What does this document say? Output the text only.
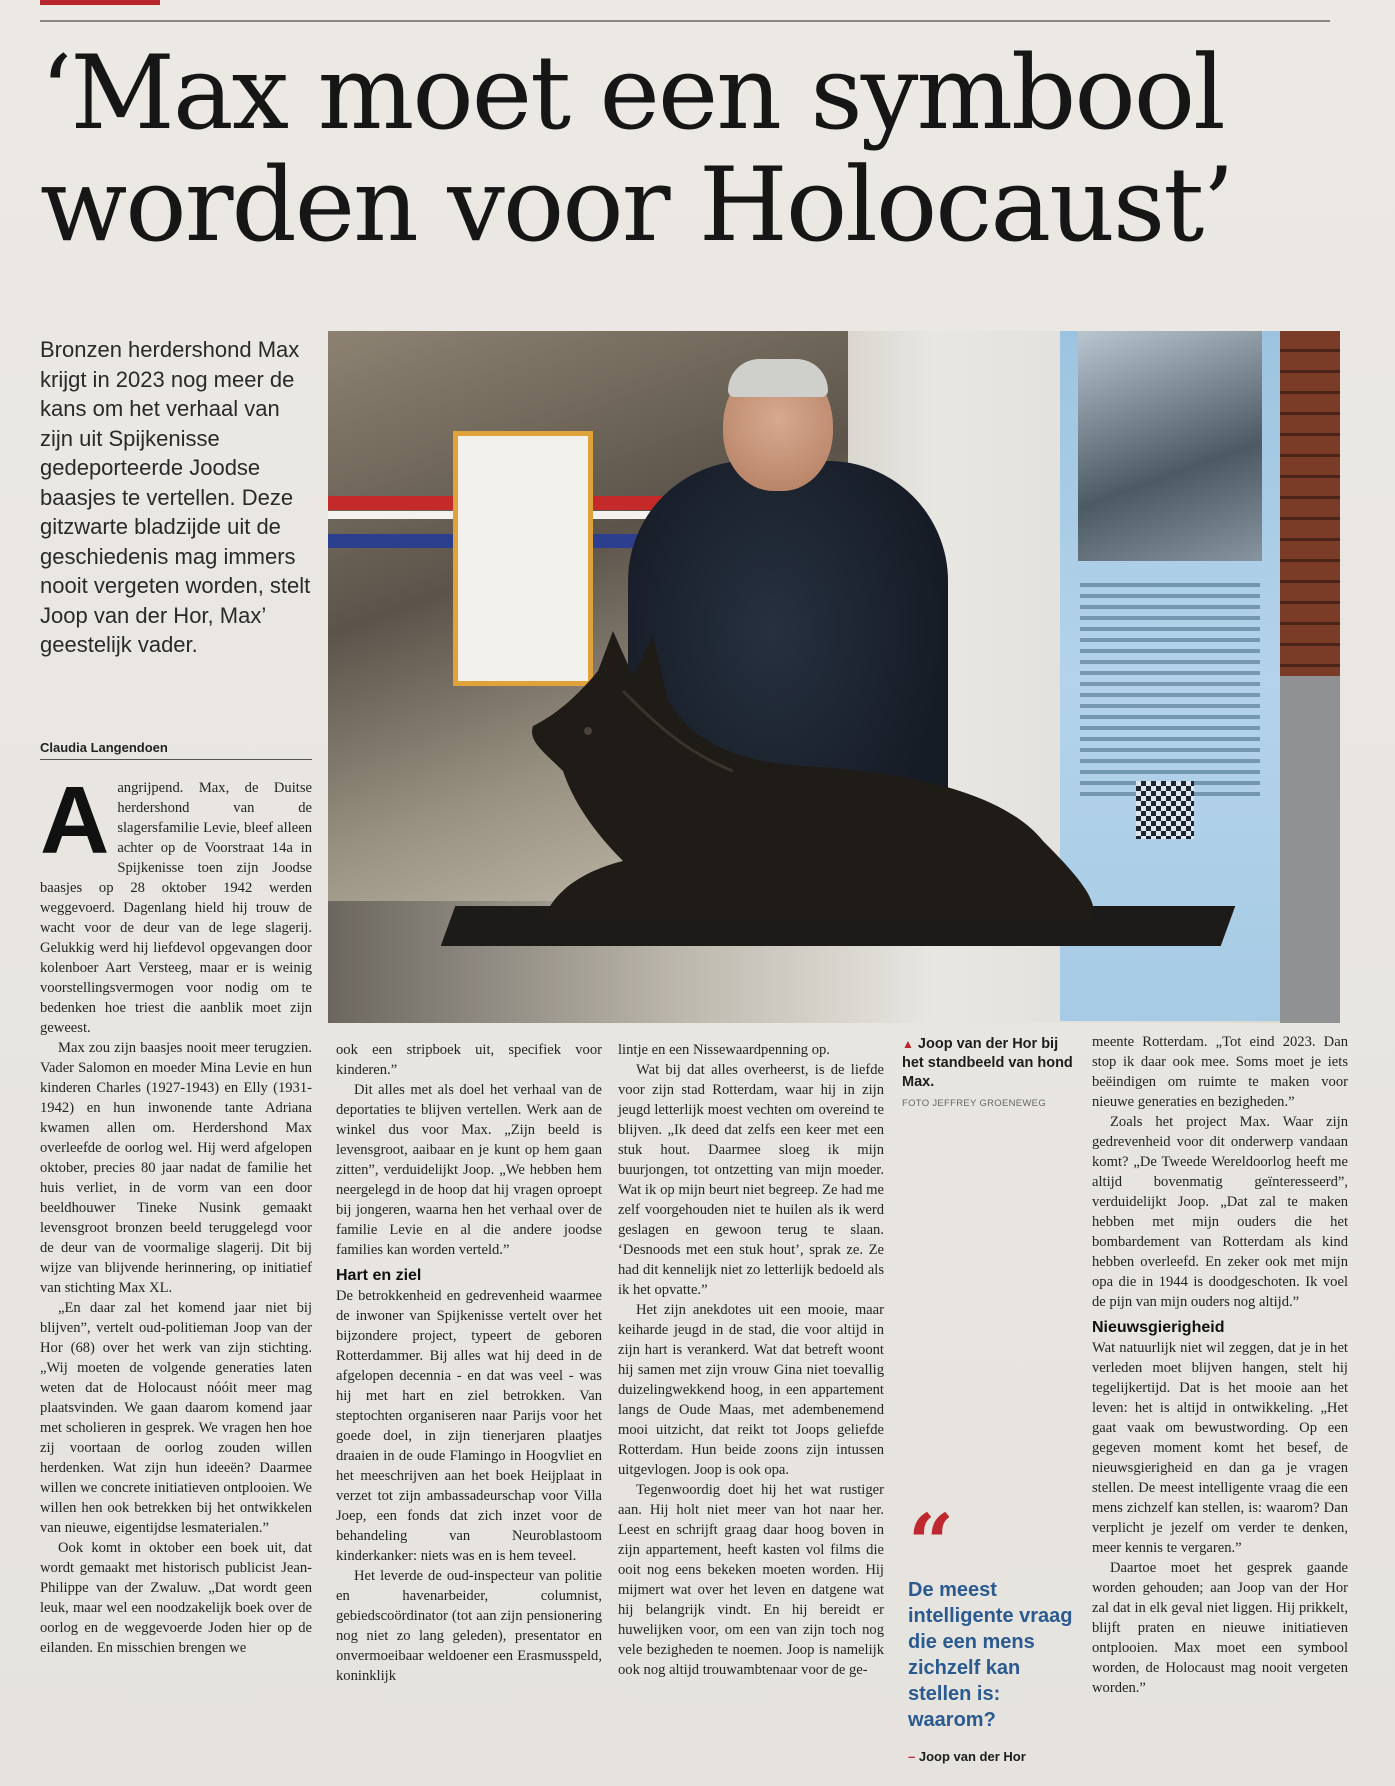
‘Max moet een symbool worden voor Holocaust’
Bronzen herdershond Max krijgt in 2023 nog meer de kans om het verhaal van zijn uit Spijkenisse gedeporteerde Joodse baasjes te vertellen. Deze gitzwarte bladzijde uit de geschiedenis mag immers nooit vergeten worden, stelt Joop van der Hor, Max’ geestelijk vader.
Claudia Langendoen
A angrijpend. Max, de Duitse herdershond van de slagersfamilie Levie, bleef alleen achter op de Voorstraat 14a in Spijkenisse toen zijn Joodse baasjes op 28 oktober 1942 werden weggevoerd. Dagenlang hield hij trouw de wacht voor de deur van de lege slagerij. Gelukkig werd hij liefdevol opgevangen door kolenboer Aart Versteeg, maar er is weinig voorstellingsvermogen voor nodig om te bedenken hoe triest die aanblik moet zijn geweest.

Max zou zijn baasjes nooit meer terugzien. Vader Salomon en moeder Mina Levie en hun kinderen Charles (1927-1943) en Elly (1931-1942) en hun inwonende tante Adriana kwamen allen om. Herdershond Max overleefde de oorlog wel. Hij werd afgelopen oktober, precies 80 jaar nadat de familie het huis verliet, in de vorm van een door beeldhouwer Tineke Nusink gemaakt levensgroot bronzen beeld teruggelegd voor de deur van de voormalige slagerij. Dit bij wijze van blijvende herinnering, op initiatief van stichting Max XL.

„En daar zal het komend jaar niet bij blijven”, vertelt oud-politieman Joop van der Hor (68) over het werk van zijn stichting. „Wij moeten de volgende generaties laten weten dat de Holocaust nóóit meer mag plaatsvinden. We gaan daarom komend jaar met scholieren in gesprek. We vragen hen hoe zij voortaan de oorlog zouden willen herdenken. Wat zijn hun ideeën? Daarmee willen we concrete initiatieven ontplooien. We willen hen ook betrekken bij het ontwikkelen van nieuwe, eigentijdse lesmaterialen.”

Ook komt in oktober een boek uit, dat wordt gemaakt met historisch publicist Jean-Philippe van der Zwaluw. „Dat wordt geen leuk, maar wel een noodzakelijk boek over de oorlog en de weggevoerde Joden hier op de eilanden. En misschien brengen we

ook een stripboek uit, specifiek voor kinderen.”

Dit alles met als doel het verhaal van de deportaties te blijven vertellen. Werk aan de winkel dus voor Max. „Zijn beeld is levensgroot, aaibaar en je kunt op hem gaan zitten”, verduidelijkt Joop. „We hebben hem neergelegd in de hoop dat hij vragen oproept bij jongeren, waarna hen het verhaal over de familie Levie en al die andere joodse families kan worden verteld.”

Hart en ziel

De betrokkenheid en gedrevenheid waarmee de inwoner van Spijkenisse vertelt over het bijzondere project, typeert de geboren Rotterdammer. Bij alles wat hij deed in de afgelopen decennia - en dat was veel - was hij met hart en ziel betrokken. Van steptochten organiseren naar Parijs voor het goede doel, in zijn tienerjaren plaatjes draaien in de oude Flamingo in Hoogvliet en het meeschrijven aan het boek Heijplaat in verzet tot zijn ambassadeurschap voor Villa Joep, een fonds dat zich inzet voor de behandeling van Neuroblastoom kinderkanker: niets was en is hem teveel.

Het leverde de oud-inspecteur van politie en havenarbeider, columnist, gebiedscoördinator (tot aan zijn pensionering nog niet zo lang geleden), presentator en onvermoeibaar weldoener een Erasmusspeld, koninklijk

lintje en een Nissewaardpenning op.

Wat bij dat alles overheerst, is de liefde voor zijn stad Rotterdam, waar hij in zijn jeugd letterlijk moest vechten om overeind te blijven. „Ik deed dat zelfs een keer met een stuk hout. Daarmee sloeg ik mijn buurjongen, tot ontzetting van mijn moeder. Wat ik op mijn beurt niet begreep. Ze had me zelf voorgehouden niet te huilen als ik werd geslagen en gewoon terug te slaan. ‘Desnoods met een stuk hout’, sprak ze. Ze had dit kennelijk niet zo letterlijk bedoeld als ik het opvatte.”

Het zijn anekdotes uit een mooie, maar keiharde jeugd in de stad, die voor altijd in zijn hart is verankerd. Wat dat betreft woont hij samen met zijn vrouw Gina niet toevallig duizelingwekkend hoog, in een appartement langs de Oude Maas, met adembenemend mooi uitzicht, dat reikt tot Joops geliefde Rotterdam. Hun beide zoons zijn intussen uitgevlogen. Joop is ook opa.

Tegenwoordig doet hij het wat rustiger aan. Hij holt niet meer van hot naar her. Leest en schrijft graag daar hoog boven in zijn appartement, heeft kasten vol films die ooit nog eens bekeken moeten worden. Hij mijmert wat over het leven en datgene wat hij belangrijk vindt. En hij bereidt er huwelijken voor, om een van zijn toch nog vele bezigheden te noemen. Joop is namelijk ook nog altijd trouwambtenaar voor de ge-

▲ Joop van der Hor bij het standbeeld van hond Max.
FOTO JEFFREY GROENEWEG
“
De meest intelligente vraag die een mens zichzelf kan stellen is: waarom?
– Joop van der Hor

meente Rotterdam. „Tot eind 2023. Dan stop ik daar ook mee. Soms moet je iets beëindigen om ruimte te maken voor nieuwe generaties en bezigheden.”

Zoals het project Max. Waar zijn gedrevenheid voor dit onderwerp vandaan komt? „De Tweede Wereldoorlog heeft me altijd bovenmatig geïnteresseerd”, verduidelijkt Joop. „Dat zal te maken hebben met mijn ouders die het bombardement van Rotterdam als kind hebben overleefd. En zeker ook met mijn opa die in 1944 is doodgeschoten. Ik voel de pijn van mijn ouders nog altijd.”

Nieuwsgierigheid

Wat natuurlijk niet wil zeggen, dat je in het verleden moet blijven hangen, stelt hij tegelijkertijd. Dat is het mooie aan het leven: het is altijd in ontwikkeling. „Het gaat vaak om bewustwording. Op een gegeven moment komt het besef, de nieuwsgierigheid en dan ga je vragen stellen. De meest intelligente vraag die een mens zichzelf kan stellen, is: waarom? Dan verplicht je jezelf om verder te denken, meer kennis te vergaren.”

Daartoe moet het gesprek gaande worden gehouden; aan Joop van der Hor zal dat in elk geval niet liggen. Hij prikkelt, blijft praten en nieuwe initiatieven ontplooien. Max moet een symbool worden, de Holocaust mag nooit vergeten worden.”
